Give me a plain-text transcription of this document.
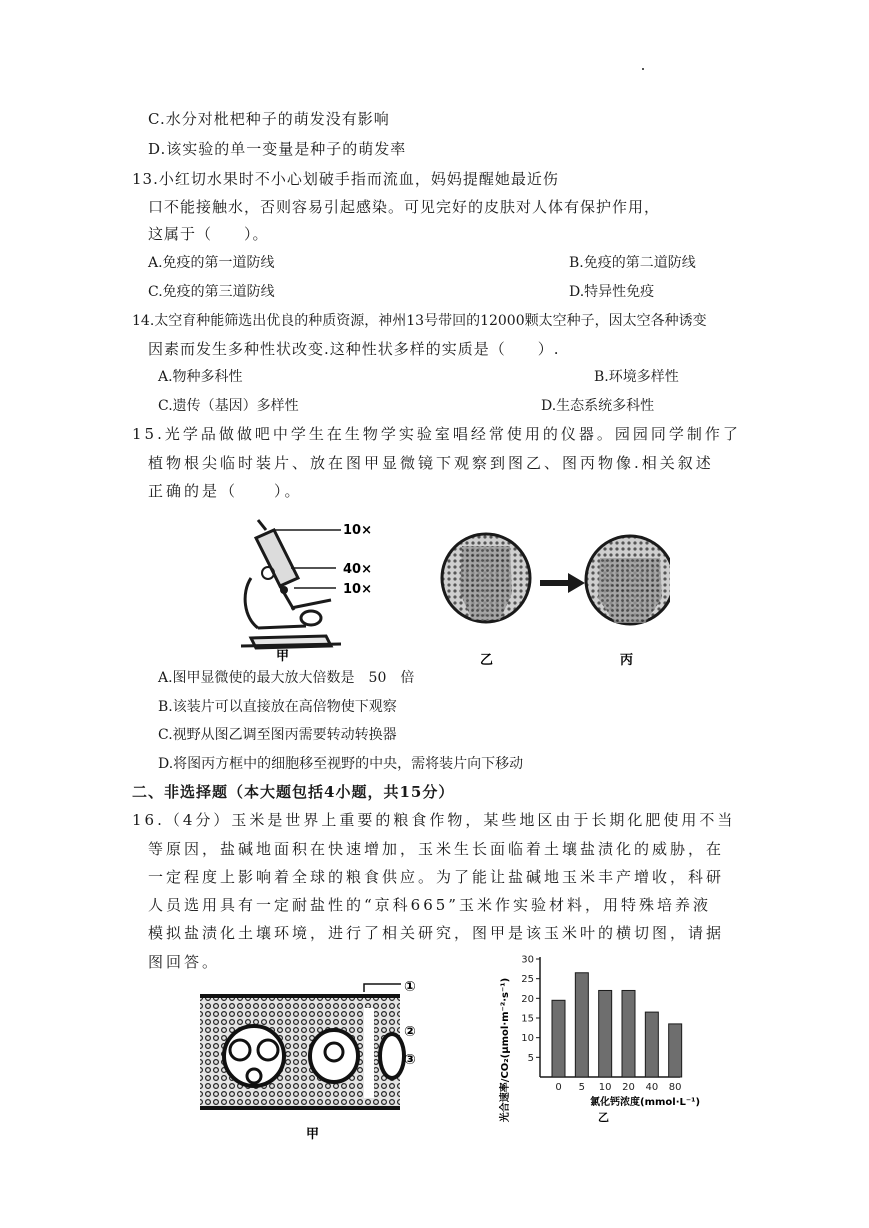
C.水分对枇杷种子的萌发没有影响
D.该实验的单一变量是种子的萌发率
13.小红切水果时不小心划破手指而流血，妈妈提醒她最近伤
口不能接触水，否则容易引起感染。可见完好的皮肤对人体有保护作用，
这属于（　　）。
A.免疫的第一道防线	B.免疫的第二道防线
C.免疫的第三道防线	D.特异性免疫
14.太空育种能筛选出优良的种质资源，神州13号带回的12000颗太空种子，因太空各种诱变
因素而发生多种性状改变.这种性状多样的实质是（　　）.
A.物种多科性	B.环境多样性
C.遗传（基因）多样性	D.生态系统多科性
15.光学品做做吧中学生在生物学实验室唱经常使用的仪器。园园同学制作了
植物根尖临时装片、放在图甲显微镜下观察到图乙、图丙物像.相关叙述
正确的是（　　）。
10×
40×
10×
甲	乙	丙
A.图甲显微使的最大放大倍数是　50　倍
B.该装片可以直接放在高倍物使下观察
C.视野从图乙调至图丙需要转动转换器
D.将图丙方框中的细胞移至视野的中央，需将装片向下移动
二、非选择题（本大题包括4小题，共15分）
16.（4分）玉米是世界上重要的粮食作物，某些地区由于长期化肥使用不当
等原因，盐碱地面积在快速增加，玉米生长面临着土壤盐渍化的威胁，在
一定程度上影响着全球的粮食供应。为了能让盐碱地玉米丰产增收，科研
人员选用具有一定耐盐性的“京科665”玉米作实验材料，用特殊培养液
模拟盐渍化土壤环境，进行了相关研究，图甲是该玉米叶的横切图，请据
图回答。
①
②
③
甲
光合速率/CO₂(μmol·m⁻²·s⁻¹) 5
10
15
20
25
30
0 5 10 20 40 80
氯化钙浓度(mmol·L⁻¹)
乙
